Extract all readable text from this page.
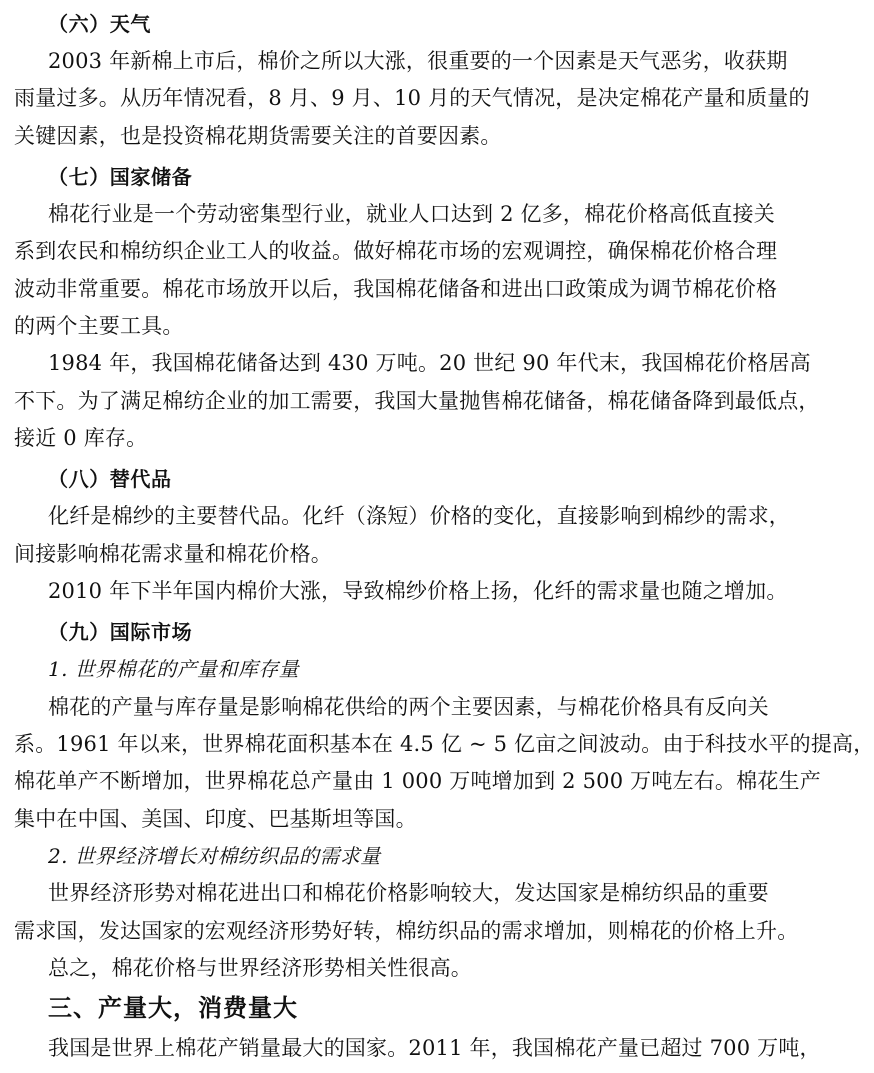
（六）天气
2003 年新棉上市后，棉价之所以大涨，很重要的一个因素是天气恶劣，收获期
雨量过多。从历年情况看，8 月、9 月、10 月的天气情况，是决定棉花产量和质量的
关键因素，也是投资棉花期货需要关注的首要因素。
（七）国家储备
棉花行业是一个劳动密集型行业，就业人口达到 2 亿多，棉花价格高低直接关
系到农民和棉纺织企业工人的收益。做好棉花市场的宏观调控，确保棉花价格合理
波动非常重要。棉花市场放开以后，我国棉花储备和进出口政策成为调节棉花价格
的两个主要工具。
1984 年，我国棉花储备达到 430 万吨。20 世纪 90 年代末，我国棉花价格居高
不下。为了满足棉纺企业的加工需要，我国大量抛售棉花储备，棉花储备降到最低点，
接近 0 库存。
（八）替代品
化纤是棉纱的主要替代品。化纤（涤短）价格的变化，直接影响到棉纱的需求，
间接影响棉花需求量和棉花价格。
2010 年下半年国内棉价大涨，导致棉纱价格上扬，化纤的需求量也随之增加。
（九）国际市场
1. 世界棉花的产量和库存量
棉花的产量与库存量是影响棉花供给的两个主要因素，与棉花价格具有反向关
系。1961 年以来，世界棉花面积基本在 4.5 亿 ~ 5 亿亩之间波动。由于科技水平的提高，
棉花单产不断增加，世界棉花总产量由 1 000 万吨增加到 2 500 万吨左右。棉花生产
集中在中国、美国、印度、巴基斯坦等国。
2. 世界经济增长对棉纺织品的需求量
世界经济形势对棉花进出口和棉花价格影响较大，发达国家是棉纺织品的重要
需求国，发达国家的宏观经济形势好转，棉纺织品的需求增加，则棉花的价格上升。
总之，棉花价格与世界经济形势相关性很高。
三、产量大，消费量大
我国是世界上棉花产销量最大的国家。2011 年，我国棉花产量已超过 700 万吨，
